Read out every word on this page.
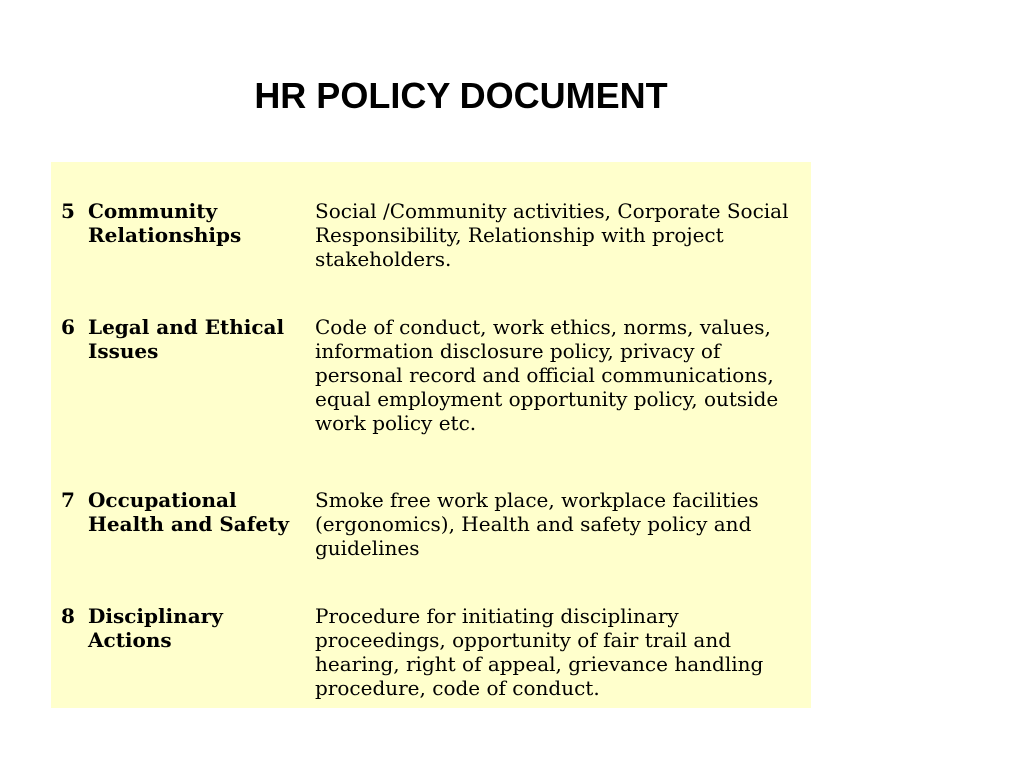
HR POLICY DOCUMENT
5 Community Relationships
Social /Community activities, Corporate Social Responsibility, Relationship with project stakeholders.
6 Legal and Ethical Issues
Code of conduct, work ethics, norms, values, information disclosure policy, privacy of personal record and official communications, equal employment opportunity policy, outside work policy etc.
7 Occupational Health and Safety
Smoke free work place, workplace facilities (ergonomics), Health and safety policy and guidelines
8 Disciplinary Actions
Procedure for initiating disciplinary proceedings, opportunity of fair trail and hearing, right of appeal, grievance handling procedure, code of conduct.
